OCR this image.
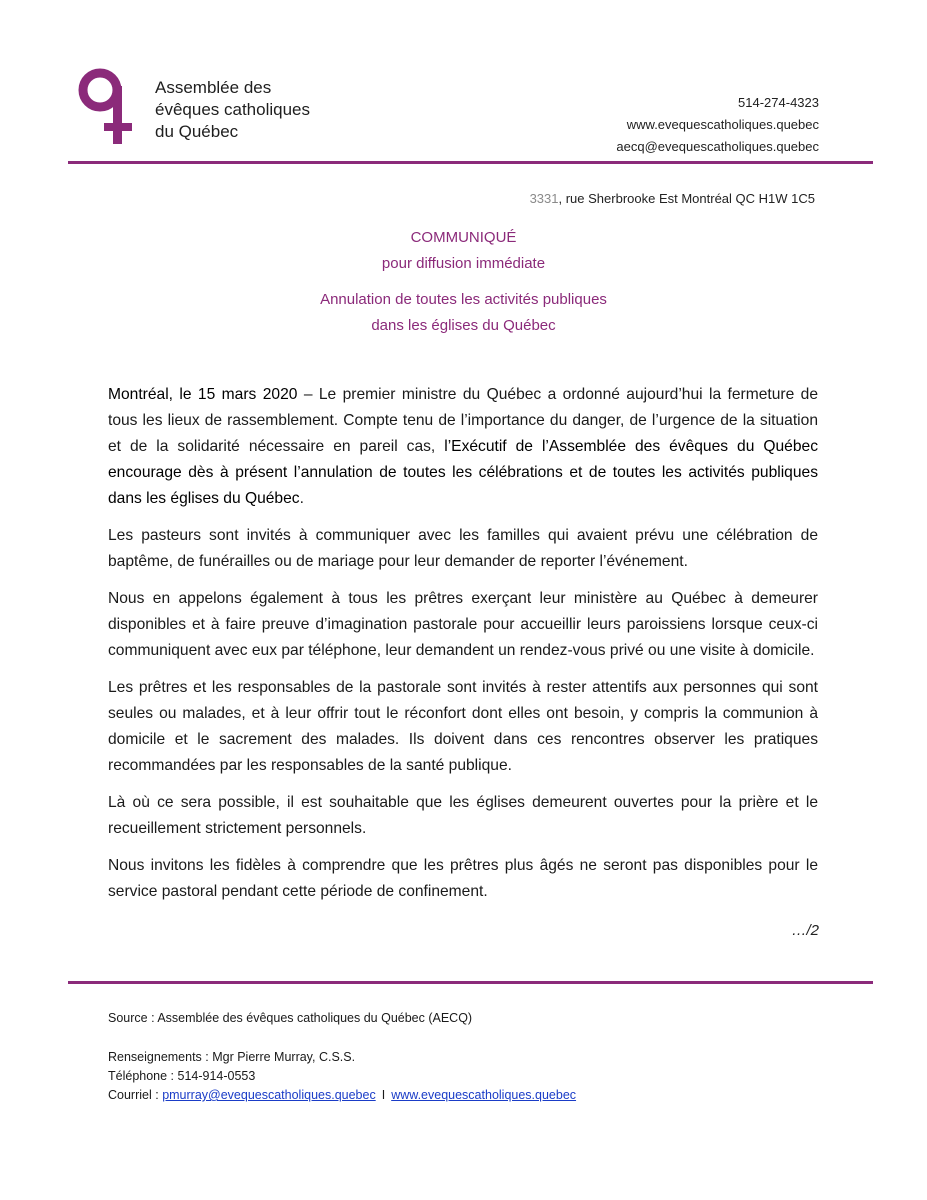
Assemblée des
évêques catholiques
du Québec
514-274-4323
www.evequescatholiques.quebec
aecq@evequescatholiques.quebec
3331, rue Sherbrooke Est Montréal QC H1W 1C5
COMMUNIQUÉ
pour diffusion immédiate
Annulation de toutes les activités publiques
dans les églises du Québec

Montréal, le 15 mars 2020 – Le premier ministre du Québec a ordonné aujourd’hui la fermeture de tous les lieux de rassemblement. Compte tenu de l’importance du danger, de l’urgence de la situation et de la solidarité nécessaire en pareil cas, l’Exécutif de l’Assemblée des évêques du Québec encourage dès à présent l’annulation de toutes les célébrations et de toutes les activités publiques dans les églises du Québec.

Les pasteurs sont invités à communiquer avec les familles qui avaient prévu une célébration de baptême, de funérailles ou de mariage pour leur demander de reporter l’événement.

Nous en appelons également à tous les prêtres exerçant leur ministère au Québec à demeurer disponibles et à faire preuve d’imagination pastorale pour accueillir leurs paroissiens lorsque ceux-ci communiquent avec eux par téléphone, leur demandent un rendez-vous privé ou une visite à domicile.

Les prêtres et les responsables de la pastorale sont invités à rester attentifs aux personnes qui sont seules ou malades, et à leur offrir tout le réconfort dont elles ont besoin, y compris la communion à domicile et le sacrement des malades. Ils doivent dans ces rencontres observer les pratiques recommandées par les responsables de la santé publique.

Là où ce sera possible, il est souhaitable que les églises demeurent ouvertes pour la prière et le recueillement strictement personnels.

Nous invitons les fidèles à comprendre que les prêtres plus âgés ne seront pas disponibles pour le service pastoral pendant cette période de confinement.

…/2
Source : Assemblée des évêques catholiques du Québec (AECQ)
Renseignements : Mgr Pierre Murray, C.S.S.
Téléphone : 514-914-0553
Courriel : pmurray@evequescatholiques.quebec I www.evequescatholiques.quebec
